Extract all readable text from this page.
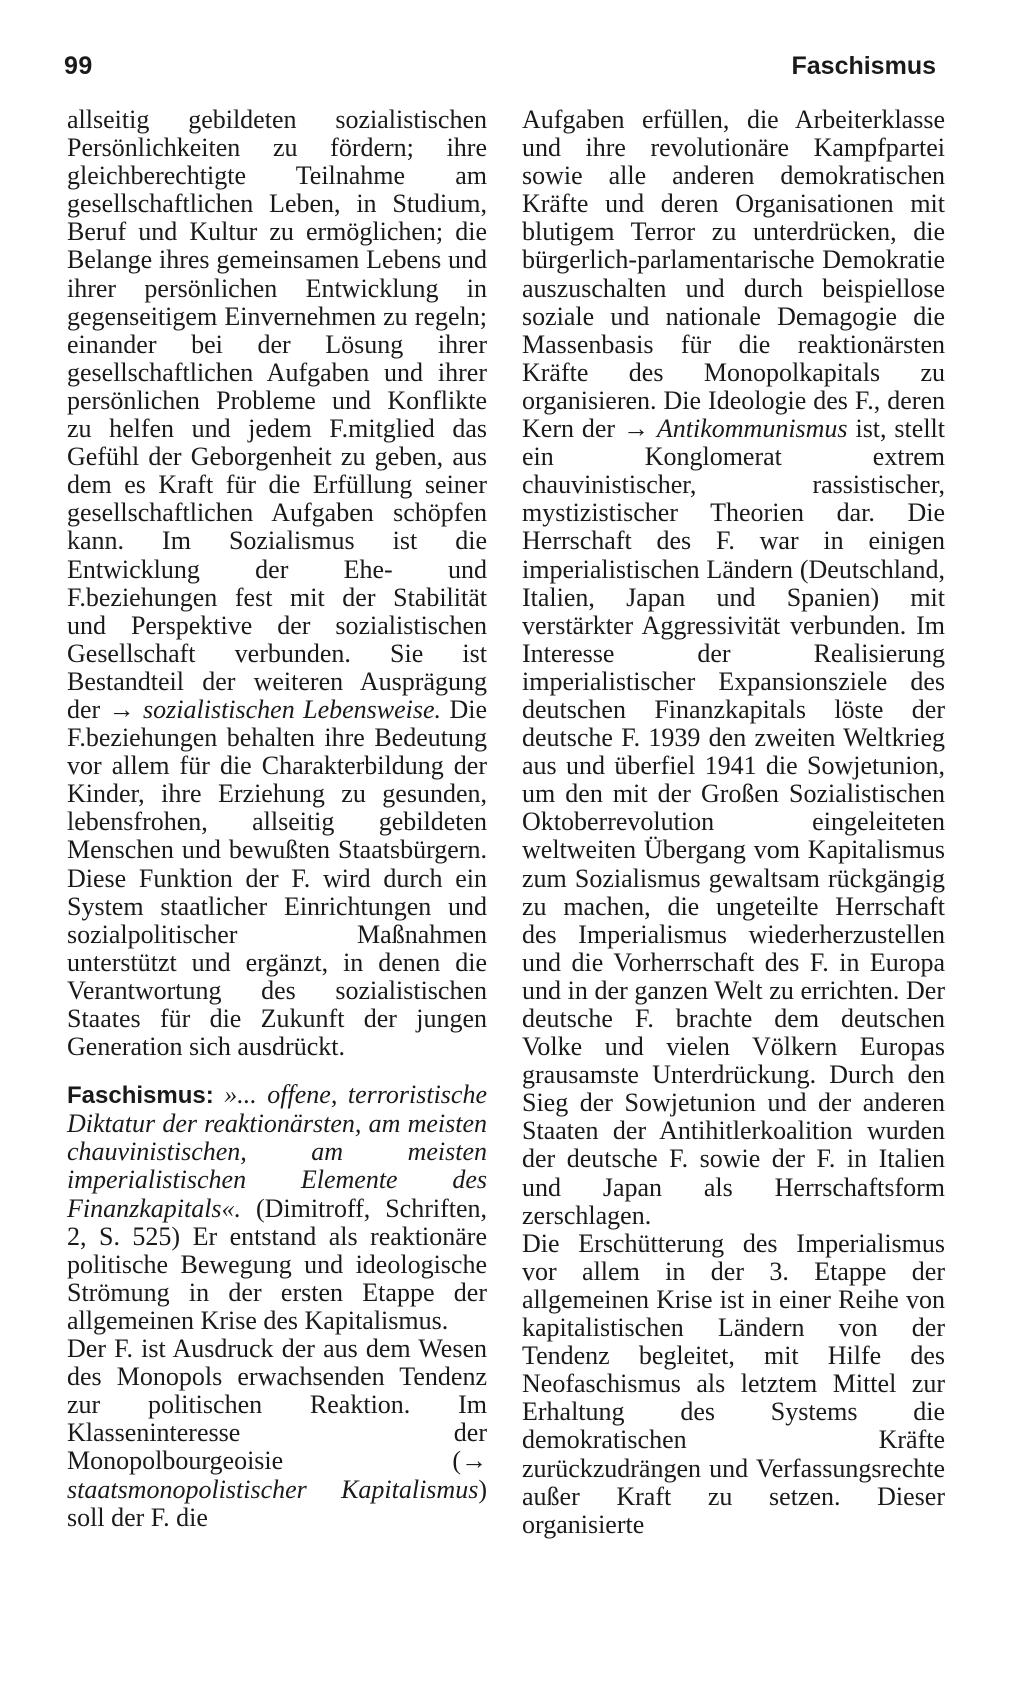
99	Faschismus

allseitig gebildeten sozialistischen Persönlichkeiten zu fördern; ihre gleichberechtigte Teilnahme am gesellschaftlichen Leben, in Studium, Beruf und Kultur zu ermöglichen; die Belange ihres gemeinsamen Lebens und ihrer persönlichen Entwicklung in gegenseitigem Einvernehmen zu regeln; einander bei der Lösung ihrer gesellschaftlichen Aufgaben und ihrer persönlichen Probleme und Konflikte zu helfen und jedem F.mitglied das Gefühl der Geborgenheit zu geben, aus dem es Kraft für die Erfüllung seiner gesellschaftlichen Aufgaben schöpfen kann. Im Sozialismus ist die Entwicklung der Ehe- und F.beziehungen fest mit der Stabilität und Perspektive der sozialistischen Gesellschaft verbunden. Sie ist Bestandteil der weiteren Ausprägung der → sozialistischen Lebensweise. Die F.beziehungen behalten ihre Bedeutung vor allem für die Charakterbildung der Kinder, ihre Erziehung zu gesunden, lebensfrohen, allseitig gebildeten Menschen und bewußten Staatsbürgern. Diese Funktion der F. wird durch ein System staatlicher Einrichtungen und sozialpolitischer Maßnahmen unterstützt und ergänzt, in denen die Verantwortung des sozialistischen Staates für die Zukunft der jungen Generation sich ausdrückt.

Faschismus: »... offene, terroristische Diktatur der reaktionärsten, am meisten chauvinistischen, am meisten imperialistischen Elemente des Finanzkapitals«. (Dimitroff, Schriften, 2, S. 525) Er entstand als reaktionäre politische Bewegung und ideologische Strömung in der ersten Etappe der allgemeinen Krise des Kapitalismus.

Der F. ist Ausdruck der aus dem Wesen des Monopols erwachsenden Tendenz zur politischen Reaktion. Im Klasseninteresse der Monopolbourgeoisie (→ staatsmonopolistischer Kapitalismus) soll der F. die

Aufgaben erfüllen, die Arbeiterklasse und ihre revolutionäre Kampfpartei sowie alle anderen demokratischen Kräfte und deren Organisationen mit blutigem Terror zu unterdrücken, die bürgerlich-parlamentarische Demokratie auszuschalten und durch beispiellose soziale und nationale Demagogie die Massenbasis für die reaktionärsten Kräfte des Monopolkapitals zu organisieren. Die Ideologie des F., deren Kern der → Antikommunismus ist, stellt ein Konglomerat extrem chauvinistischer, rassistischer, mystizistischer Theorien dar. Die Herrschaft des F. war in einigen imperialistischen Ländern (Deutschland, Italien, Japan und Spanien) mit verstärkter Aggressivität verbunden. Im Interesse der Realisierung imperialistischer Expansionsziele des deutschen Finanzkapitals löste der deutsche F. 1939 den zweiten Weltkrieg aus und überfiel 1941 die Sowjetunion, um den mit der Großen Sozialistischen Oktoberrevolution eingeleiteten weltweiten Übergang vom Kapitalismus zum Sozialismus gewaltsam rückgängig zu machen, die ungeteilte Herrschaft des Imperialismus wiederherzustellen und die Vorherrschaft des F. in Europa und in der ganzen Welt zu errichten. Der deutsche F. brachte dem deutschen Volke und vielen Völkern Europas grausamste Unterdrückung. Durch den Sieg der Sowjetunion und der anderen Staaten der Antihitlerkoalition wurden der deutsche F. sowie der F. in Italien und Japan als Herrschaftsform zerschlagen.

Die Erschütterung des Imperialismus vor allem in der 3. Etappe der allgemeinen Krise ist in einer Reihe von kapitalistischen Ländern von der Tendenz begleitet, mit Hilfe des Neofaschismus als letztem Mittel zur Erhaltung des Systems die demokratischen Kräfte zurückzudrängen und Verfassungsrechte außer Kraft zu setzen. Dieser organisierte
